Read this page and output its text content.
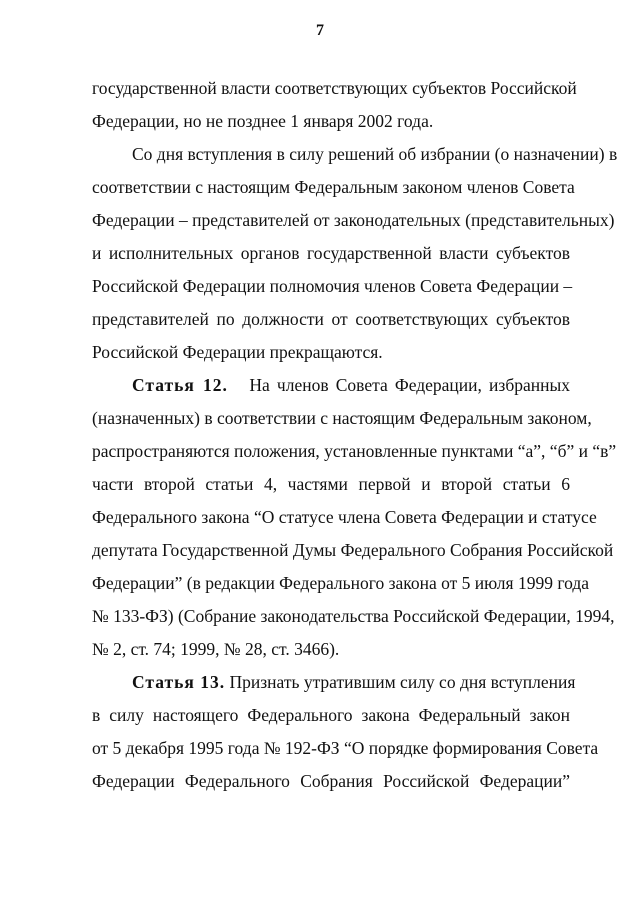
7
государственной власти соответствующих субъектов Российской
Федерации, но не позднее 1 января 2002 года.
Со дня вступления в силу решений об избрании (о назначении) в
соответствии с настоящим Федеральным законом членов Совета
Федерации – представителей от законодательных (представительных)
и исполнительных органов государственной власти субъектов
Российской Федерации полномочия членов Совета Федерации –
представителей по должности от соответствующих субъектов
Российской Федерации прекращаются.
Статья 12. На членов Совета Федерации, избранных
(назначенных) в соответствии с настоящим Федеральным законом,
распространяются положения, установленные пунктами “а”, “б” и “в”
части второй статьи 4, частями первой и второй статьи 6
Федерального закона “О статусе члена Совета Федерации и статусе
депутата Государственной Думы Федерального Собрания Российской
Федерации” (в редакции Федерального закона от 5 июля 1999 года
№ 133-ФЗ) (Собрание законодательства Российской Федерации, 1994,
№ 2, ст. 74; 1999, № 28, ст. 3466).
Статья 13. Признать утратившим силу со дня вступления
в силу настоящего Федерального закона Федеральный закон
от 5 декабря 1995 года № 192-ФЗ “О порядке формирования Совета
Федерации Федерального Собрания Российской Федерации”
